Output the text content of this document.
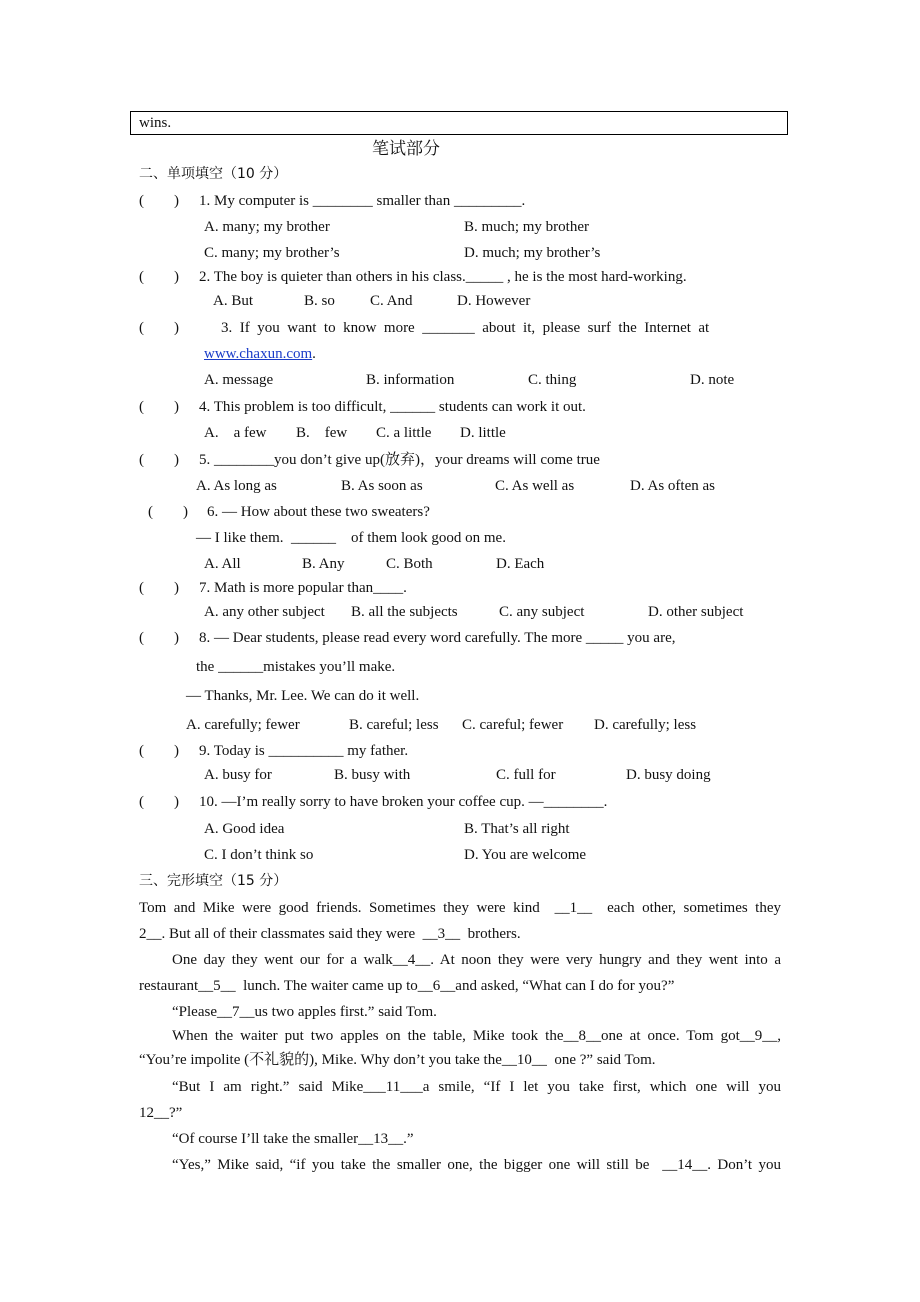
wins.
笔试部分
二、单项填空（10 分）
(        ) 1. My computer is ________ smaller than _________.
A. many; my brother	B. much; my brother
C. many; my brother’s	D. much; my brother’s
(        ) 2. The boy is quieter than others in his class._____ , he is the most hard-working.
A. But	B. so C. And	D. However
(        )	3.  If  you  want  to  know  more  _______  about  it,  please  surf  the  Internet  at
www.chaxun.com.
A. message	B. information	C. thing	D. note
(        ) 4. This problem is too difficult, ______ students can work it out.
A.    a few B.    few C. a little D. little
(        ) 5. ________you don’t give up(放弃)，your dreams will come true
A. As long as	B. As soon as	C. As well as	D. As often as
(        ) 6. — How about these two sweaters?
— I like them.  ______    of them look good on me.
A. All	B. Any	C. Both	D. Each
(        ) 7. Math is more popular than____.
A. any other subject B. all the subjects	C. any subject	D. other subject
(        ) 8. — Dear students, please read every word carefully. The more _____ you are,
the ______mistakes you’ll make.
— Thanks, Mr. Lee. We can do it well.
A. carefully; fewer	B. careful; less C. careful; fewer D. carefully; less
(        ) 9. Today is __________ my father.
A. busy for	B. busy with	C. full for	D. busy doing
(        ) 10. —I’m really sorry to have broken your coffee cup. —________.
A. Good idea	B. That’s all right
C. I don’t think so	D. You are welcome
三、完形填空（15 分）
Tom and Mike were good friends. Sometimes they were kind  __1__  each other, sometimes they
2__. But all of their classmates said they were  __3__  brothers.
One day they went our for a walk__4__. At noon they were very hungry and they went into a
restaurant__5__  lunch. The waiter came up to__6__and asked, “What can I do for you?”
“Please__7__us two apples first.” said Tom.
When the waiter put two apples on the table, Mike took the__8__one at once. Tom got__9__,
“You’re impolite (不礼貌的), Mike. Why don’t you take the__10__  one ?” said Tom.
“But I am right.” said Mike___11___a smile, “If I let you take first, which one will you
12__?”
“Of course I’ll take the smaller__13__.”
“Yes,” Mike said, “if you take the smaller one, the bigger one will still be  __14__. Don’t you
